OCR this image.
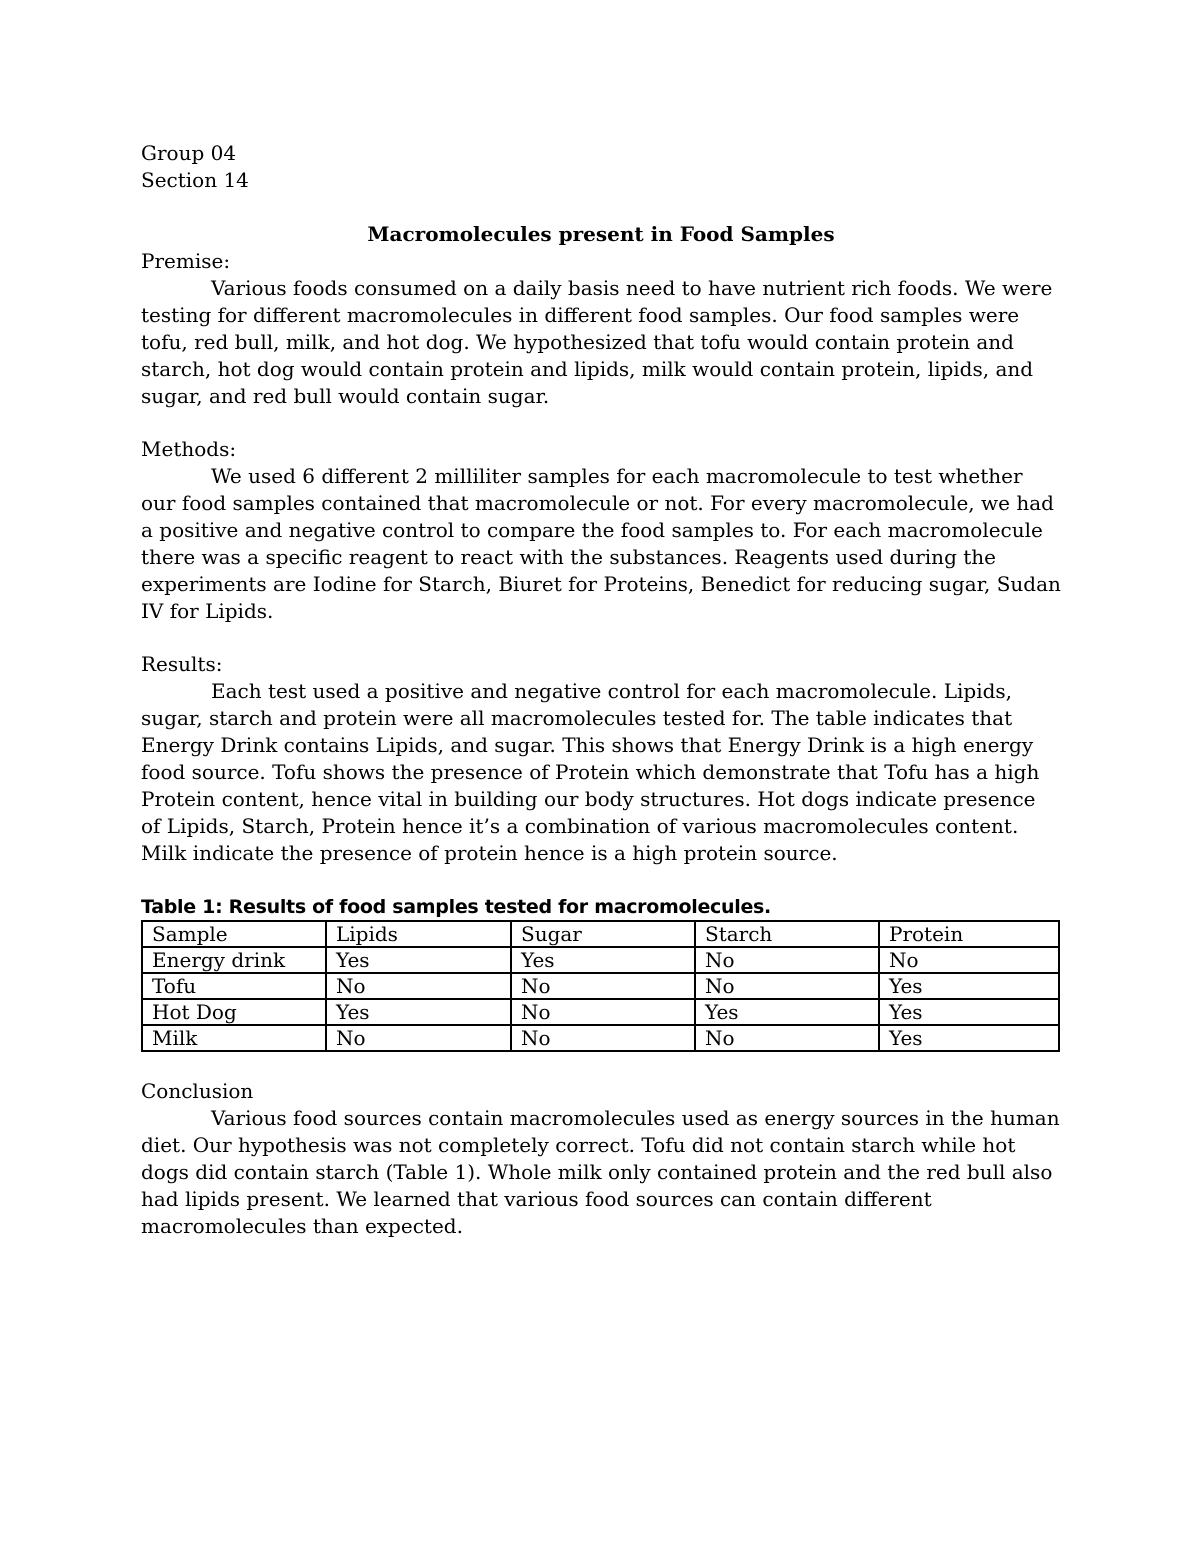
Group 04
Section 14
Macromolecules present in Food Samples
Premise:

Various foods consumed on a daily basis need to have nutrient rich foods. We were testing for different macromolecules in different food samples. Our food samples were tofu, red bull, milk, and hot dog. We hypothesized that tofu would contain protein and starch, hot dog would contain protein and lipids, milk would contain protein, lipids, and sugar, and red bull would contain sugar.

Methods:

We used 6 different 2 milliliter samples for each macromolecule to test whether our food samples contained that macromolecule or not. For every macromolecule, we had a positive and negative control to compare the food samples to. For each macromolecule there was a specific reagent to react with the substances. Reagents used during the experiments are Iodine for Starch, Biuret for Proteins, Benedict for reducing sugar, Sudan IV for Lipids.

Results:

Each test used a positive and negative control for each macromolecule. Lipids, sugar, starch and protein were all macromolecules tested for. The table indicates that Energy Drink contains Lipids, and sugar. This shows that Energy Drink is a high energy food source. Tofu shows the presence of Protein which demonstrate that Tofu has a high Protein content, hence vital in building our body structures. Hot dogs indicate presence of Lipids, Starch, Protein hence it’s a combination of various macromolecules content. Milk indicate the presence of protein hence is a high protein source.

Table 1: Results of food samples tested for macromolecules.
Sample	Lipids	Sugar	Starch	Protein
Energy drink	Yes	Yes	No	No
Tofu	No	No	No	Yes
Hot Dog	Yes	No	Yes	Yes
Milk	No	No	No	Yes
Conclusion

Various food sources contain macromolecules used as energy sources in the human diet. Our hypothesis was not completely correct. Tofu did not contain starch while hot dogs did contain starch (Table 1). Whole milk only contained protein and the red bull also had lipids present. We learned that various food sources can contain different macromolecules than expected.
